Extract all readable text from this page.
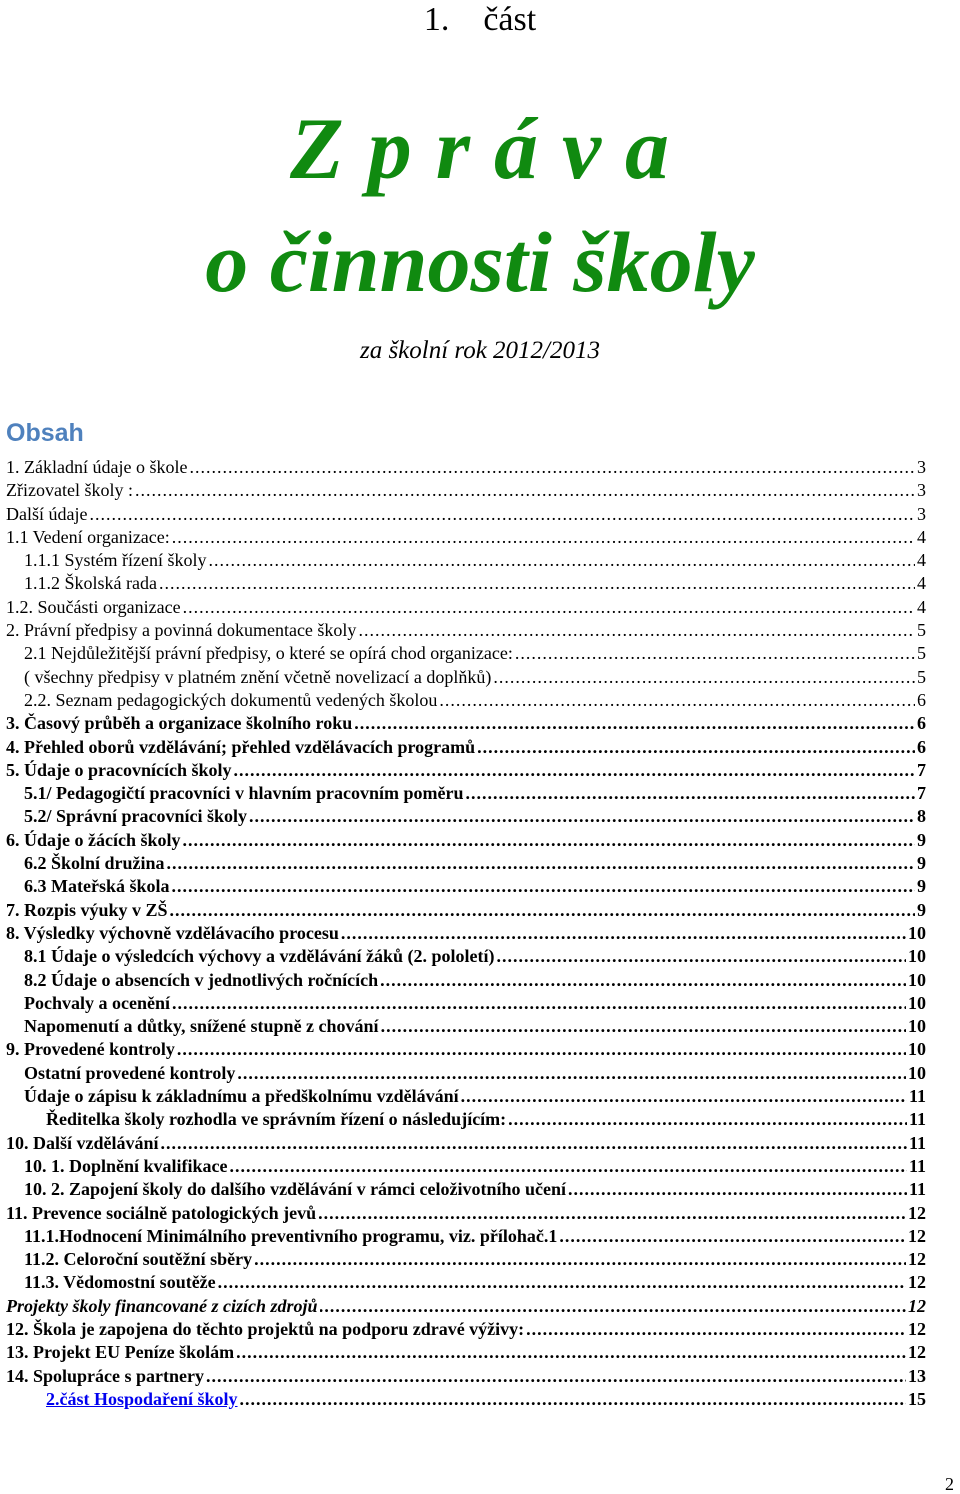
1. část
Z p r á v a
o činnosti školy
za školní rok 2012/2013
Obsah
1. Základní údaje o škole .....	3
Zřizovatel školy : .....	3
Další údaje .....	3
1.1 Vedení organizace: .....	4
1.1.1 Systém řízení školy .....	4
1.1.2 Školská rada .....	4
1.2. Součásti organizace .....	4
2. Právní předpisy a povinná dokumentace školy .....	5
2.1 Nejdůležitější právní předpisy, o které se opírá chod organizace: .....	5
( všechny předpisy v platném znění včetně novelizací a doplňků) .....	5
2.2. Seznam pedagogických dokumentů vedených školou .....	6
3. Časový průběh a organizace školního roku .....	6
4. Přehled oborů vzdělávání; přehled vzdělávacích programů .....	6
5. Údaje o pracovnících školy .....	7
5.1/ Pedagogičtí pracovníci v hlavním pracovním poměru .....	7
5.2/ Správní pracovníci školy .....	8
6. Údaje o žácích školy .....	9
6.2 Školní družina .....	9
6.3 Mateřská škola .....	9
7. Rozpis výuky v ZŠ .....	9
8. Výsledky výchovně vzdělávacího procesu .....	10
8.1 Údaje o výsledcích výchovy a vzdělávání žáků (2. pololetí) .....	10
8.2 Údaje o absencích v jednotlivých ročnících .....	10
Pochvaly a ocenění .....	10
Napomenutí a důtky, snížené stupně z chování .....	10
9. Provedené kontroly .....	10
Ostatní provedené kontroly .....	10
Údaje o zápisu k základnímu a předškolnímu vzdělávání .....	11
Ředitelka školy rozhodla ve správním řízení o následujícím: .....	11
10. Další vzdělávání .....	11
10. 1. Doplnění kvalifikace .....	11
10. 2. Zapojení školy do dalšího vzdělávání v rámci celoživotního učení .....	11
11. Prevence sociálně patologických jevů .....	12
11.1.Hodnocení Minimálního preventivního programu, viz. přílohač.1 .....	12
11.2. Celoroční soutěžní sběry .....	12
11.3. Vědomostní soutěže .....	12
Projekty školy financované z cizích zdrojů .....	12
12. Škola je zapojena do těchto projektů na podporu zdravé výživy: .....	12
13. Projekt EU Peníze školám .....	12
14. Spolupráce s partnery .....	13
2.část Hospodaření školy .....	15
2
